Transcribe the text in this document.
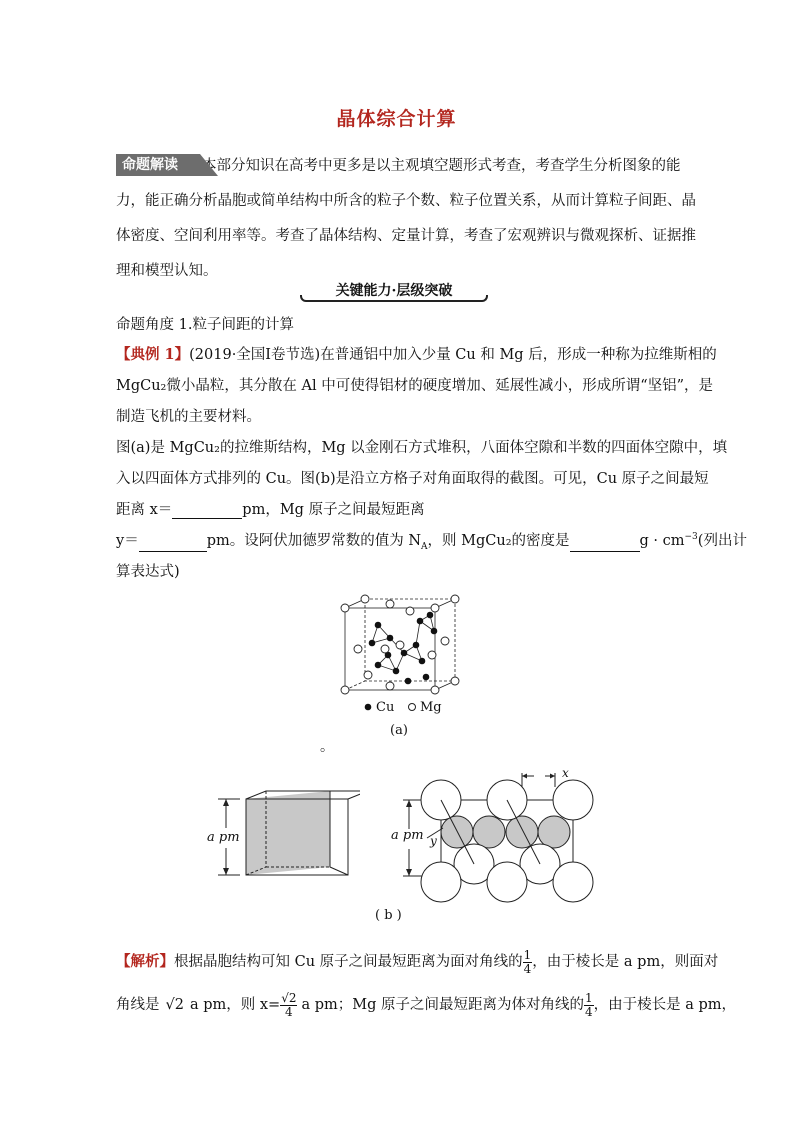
晶体综合计算
命题解读 本部分知识在高考中更多是以主观填空题形式考查，考查学生分析图象的能
力，能正确分析晶胞或简单结构中所含的粒子个数、粒子位置关系，从而计算粒子间距、晶
体密度、空间利用率等。考查了晶体结构、定量计算，考查了宏观辨识与微观探析、证据推
理和模型认知。
关键能力·层级突破
命题角度 1.粒子间距的计算
【典例 1】(2019·全国Ⅰ卷节选)在普通铝中加入少量 Cu 和 Mg 后，形成一种称为拉维斯相的
MgCu₂微小晶粒，其分散在 Al 中可使得铝材的硬度增加、延展性减小，形成所谓“坚铝”，是
制造飞机的主要材料。
图(a)是 MgCu₂的拉维斯结构，Mg 以金刚石方式堆积，八面体空隙和半数的四面体空隙中，填
入以四面体方式排列的 Cu。图(b)是沿立方格子对角面取得的截图。可见，Cu 原子之间最短
距离 x＝	pm，Mg 原子之间最短距离
y＝	pm。设阿伏加德罗常数的值为 $N_A$，则 MgCu₂的密度是	$g \cdot cm^{-3}$(列出计
算表达式)
Cu Mg
(a)
。
a pm	a pm
x
y
( b )
【解析】根据晶胞结构可知 Cu 原子之间最短距离为面对角线的 $\frac{1}{4}$ ，由于棱长是 a pm，则面对
角线是 √2 a pm，则 $x= \frac{√2}{4}$ a pm；Mg 原子之间最短距离为体对角线的 $\frac{1}{4}$ ，由于棱长是 a pm，
